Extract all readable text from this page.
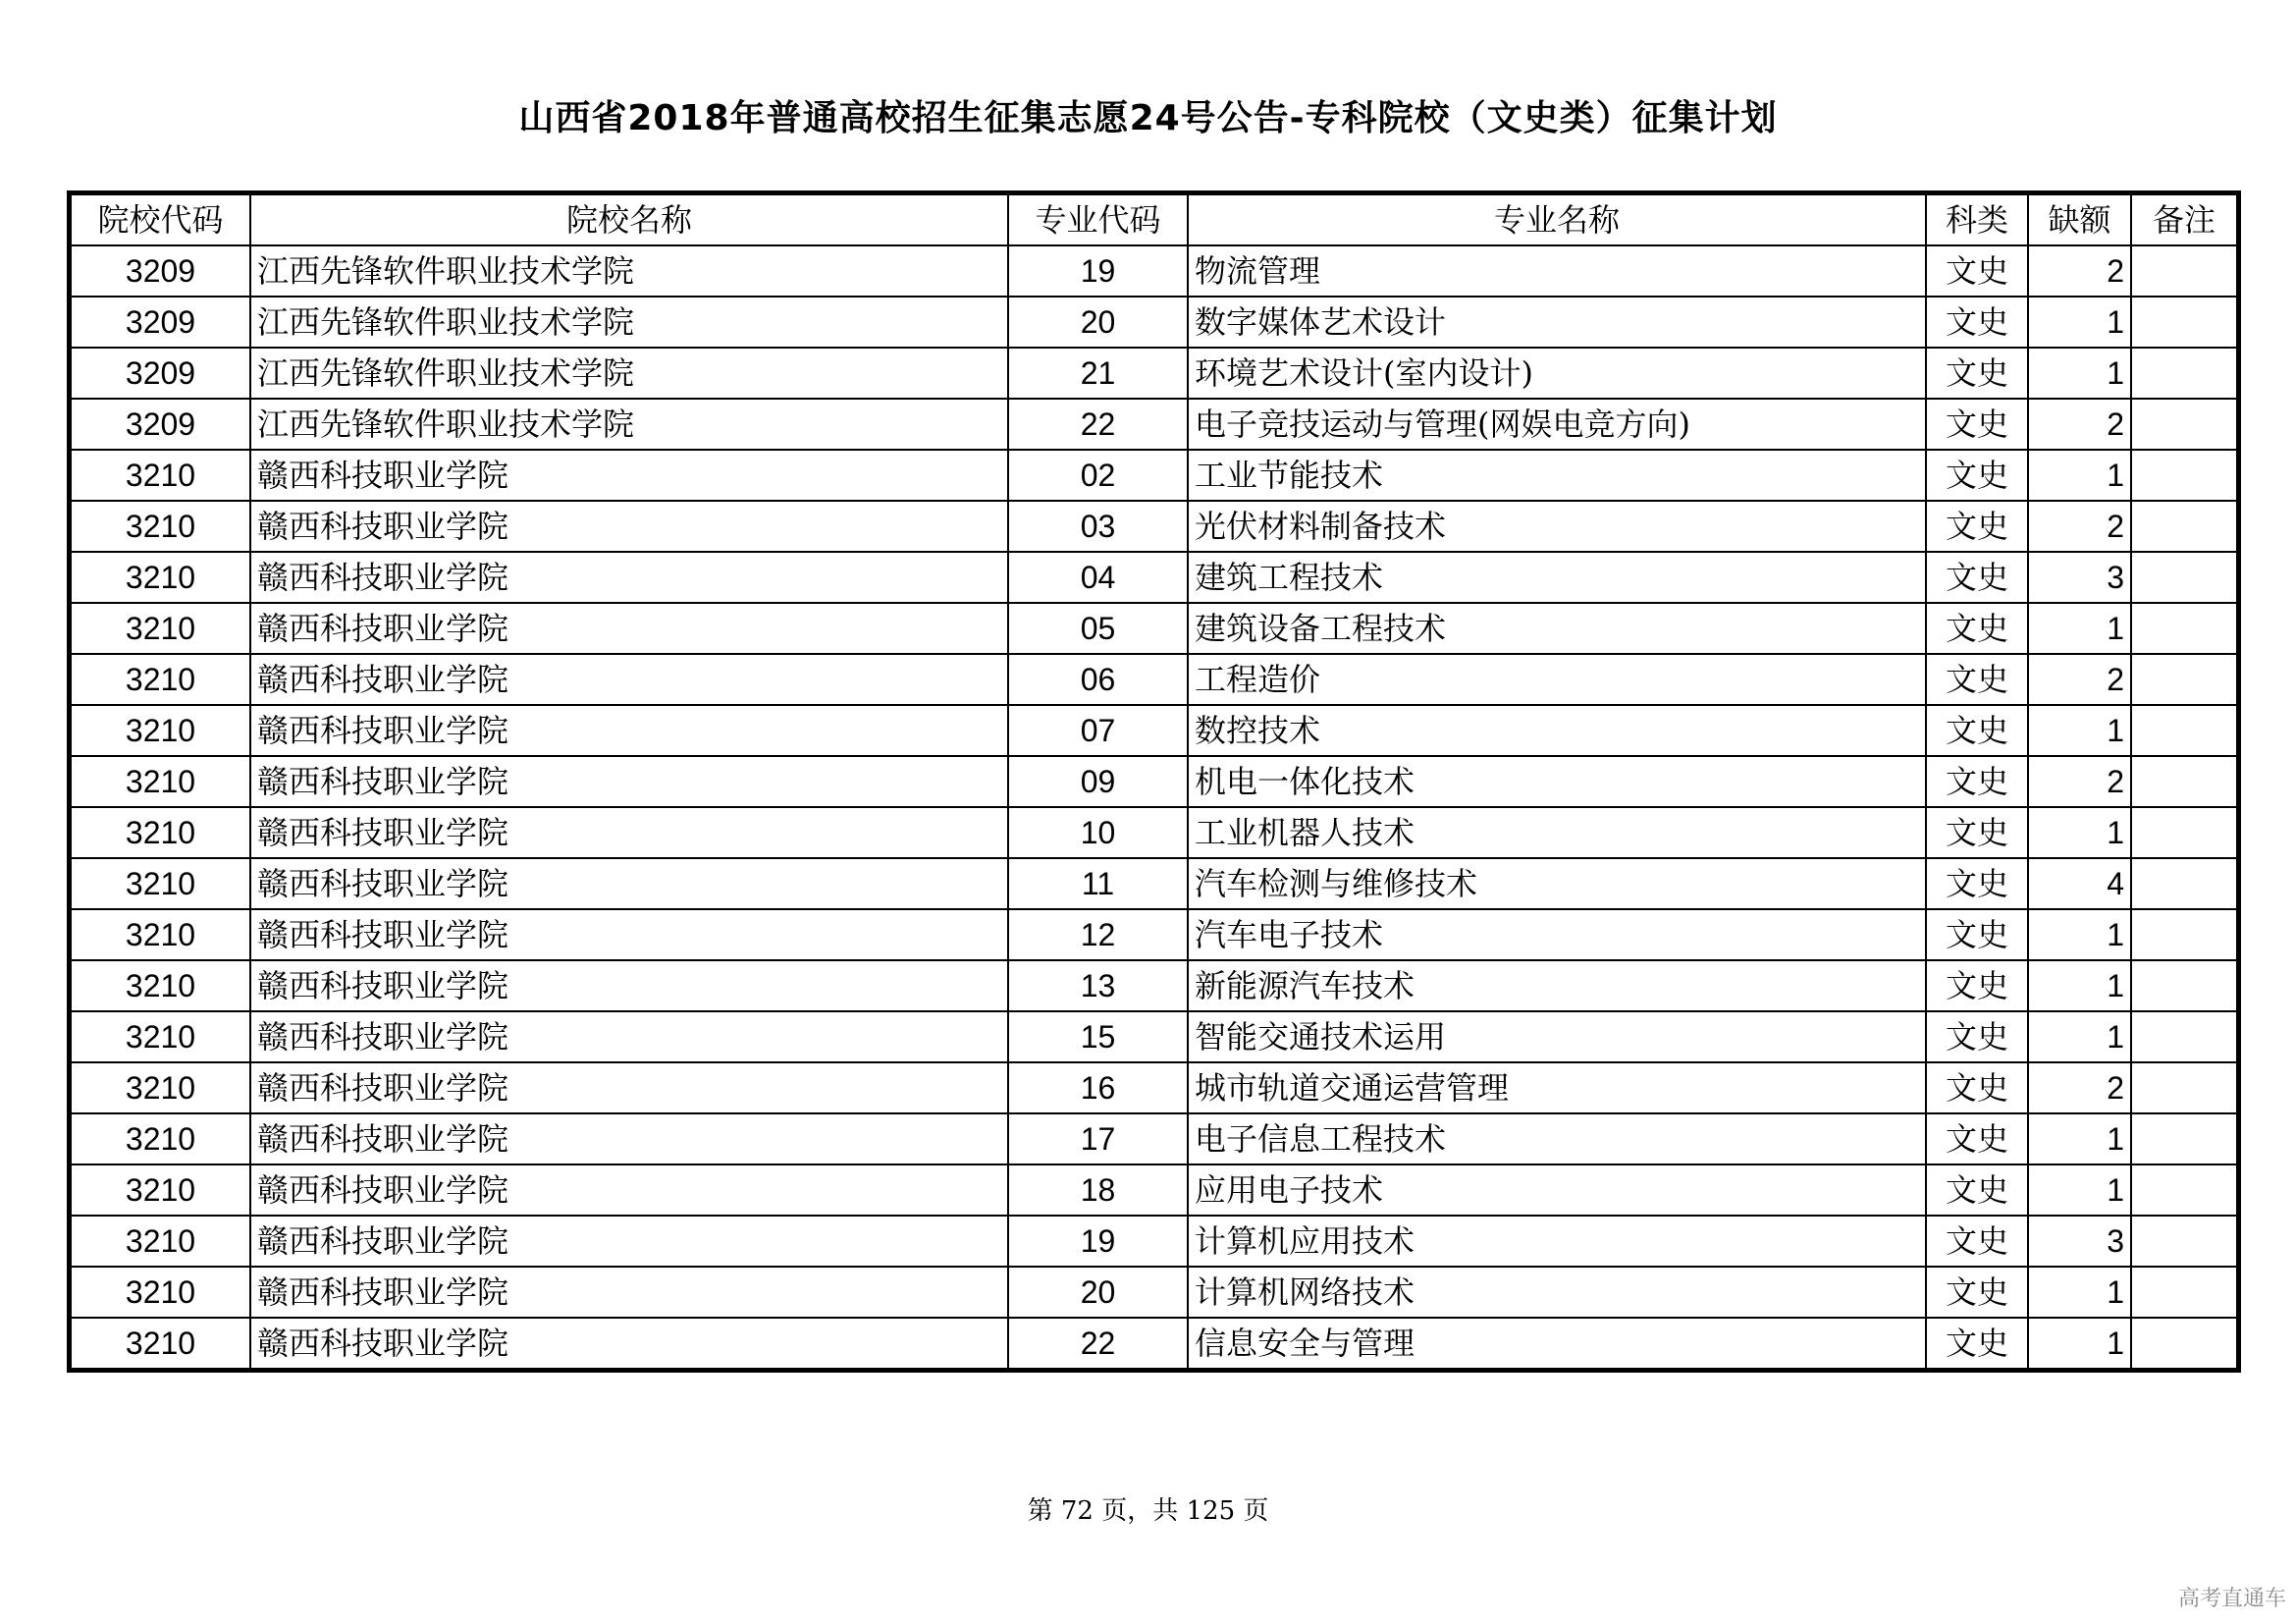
山西省2018年普通高校招生征集志愿24号公告-专科院校（文史类）征集计划
院校代码	院校名称	专业代码	专业名称	科类	缺额	备注
3209	江西先锋软件职业技术学院	19	物流管理	文史	2	
3209	江西先锋软件职业技术学院	20	数字媒体艺术设计	文史	1	
3209	江西先锋软件职业技术学院	21	环境艺术设计(室内设计)	文史	1	
3209	江西先锋软件职业技术学院	22	电子竞技运动与管理(网娱电竞方向)	文史	2	
3210	赣西科技职业学院	02	工业节能技术	文史	1	
3210	赣西科技职业学院	03	光伏材料制备技术	文史	2	
3210	赣西科技职业学院	04	建筑工程技术	文史	3	
3210	赣西科技职业学院	05	建筑设备工程技术	文史	1	
3210	赣西科技职业学院	06	工程造价	文史	2	
3210	赣西科技职业学院	07	数控技术	文史	1	
3210	赣西科技职业学院	09	机电一体化技术	文史	2	
3210	赣西科技职业学院	10	工业机器人技术	文史	1	
3210	赣西科技职业学院	11	汽车检测与维修技术	文史	4	
3210	赣西科技职业学院	12	汽车电子技术	文史	1	
3210	赣西科技职业学院	13	新能源汽车技术	文史	1	
3210	赣西科技职业学院	15	智能交通技术运用	文史	1	
3210	赣西科技职业学院	16	城市轨道交通运营管理	文史	2	
3210	赣西科技职业学院	17	电子信息工程技术	文史	1	
3210	赣西科技职业学院	18	应用电子技术	文史	1	
3210	赣西科技职业学院	19	计算机应用技术	文史	3	
3210	赣西科技职业学院	20	计算机网络技术	文史	1	
3210	赣西科技职业学院	22	信息安全与管理	文史	1	
第 72 页，共 125 页
高考直通车
